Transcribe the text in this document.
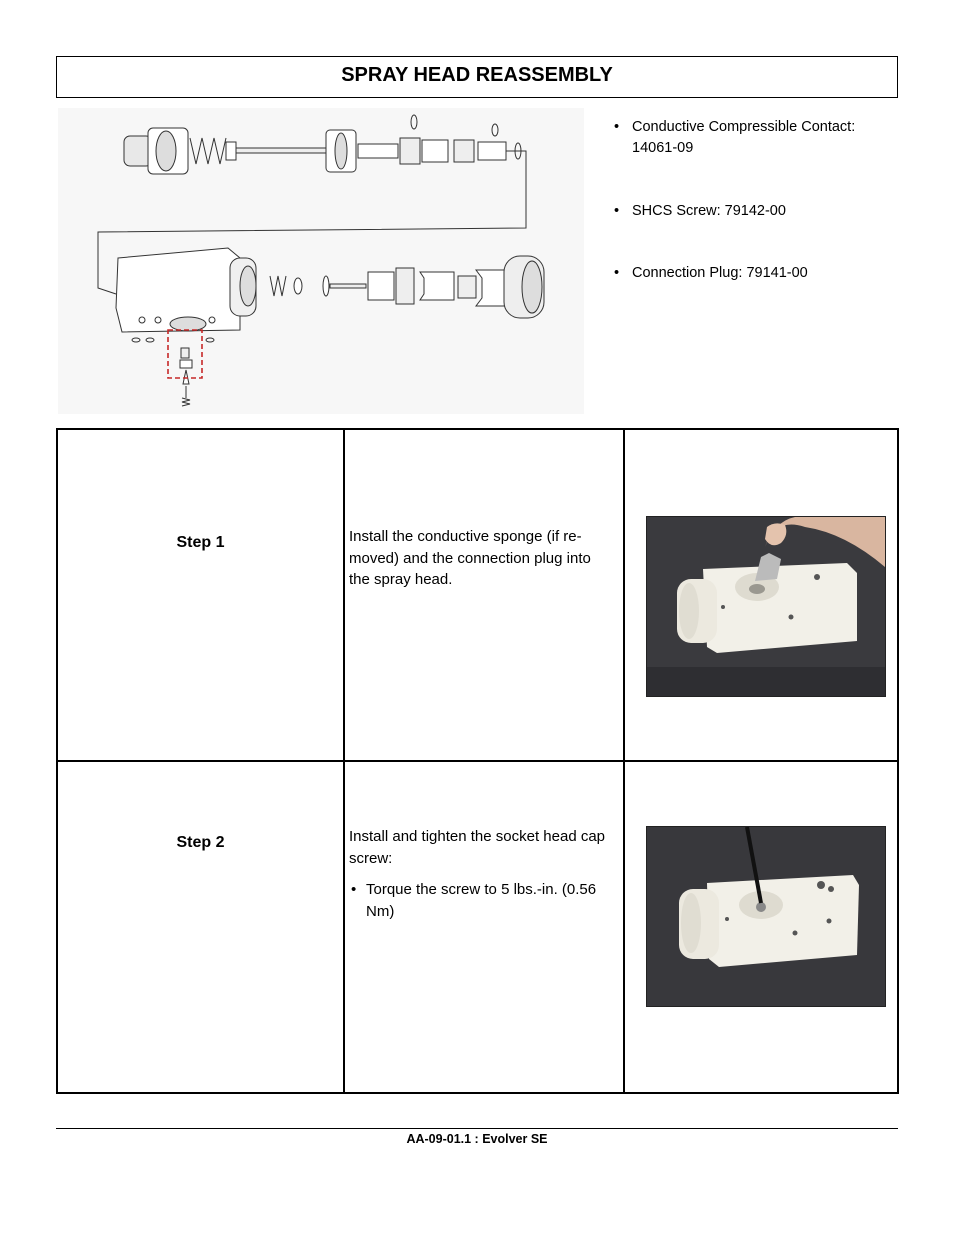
SPRAY HEAD REASSEMBLY
• Conductive Compressible Contact: 14061-09
• SHCS Screw: 79142-00
• Connection Plug: 79141-00
Step 1	Install the conductive sponge (if re-moved) and the connection plug into the spray head.

Step 2	Install and tighten the socket head cap screw:
• Torque the screw to 5 lbs.-in. (0.56 Nm)

AA-09-01.1 : Evolver SE
